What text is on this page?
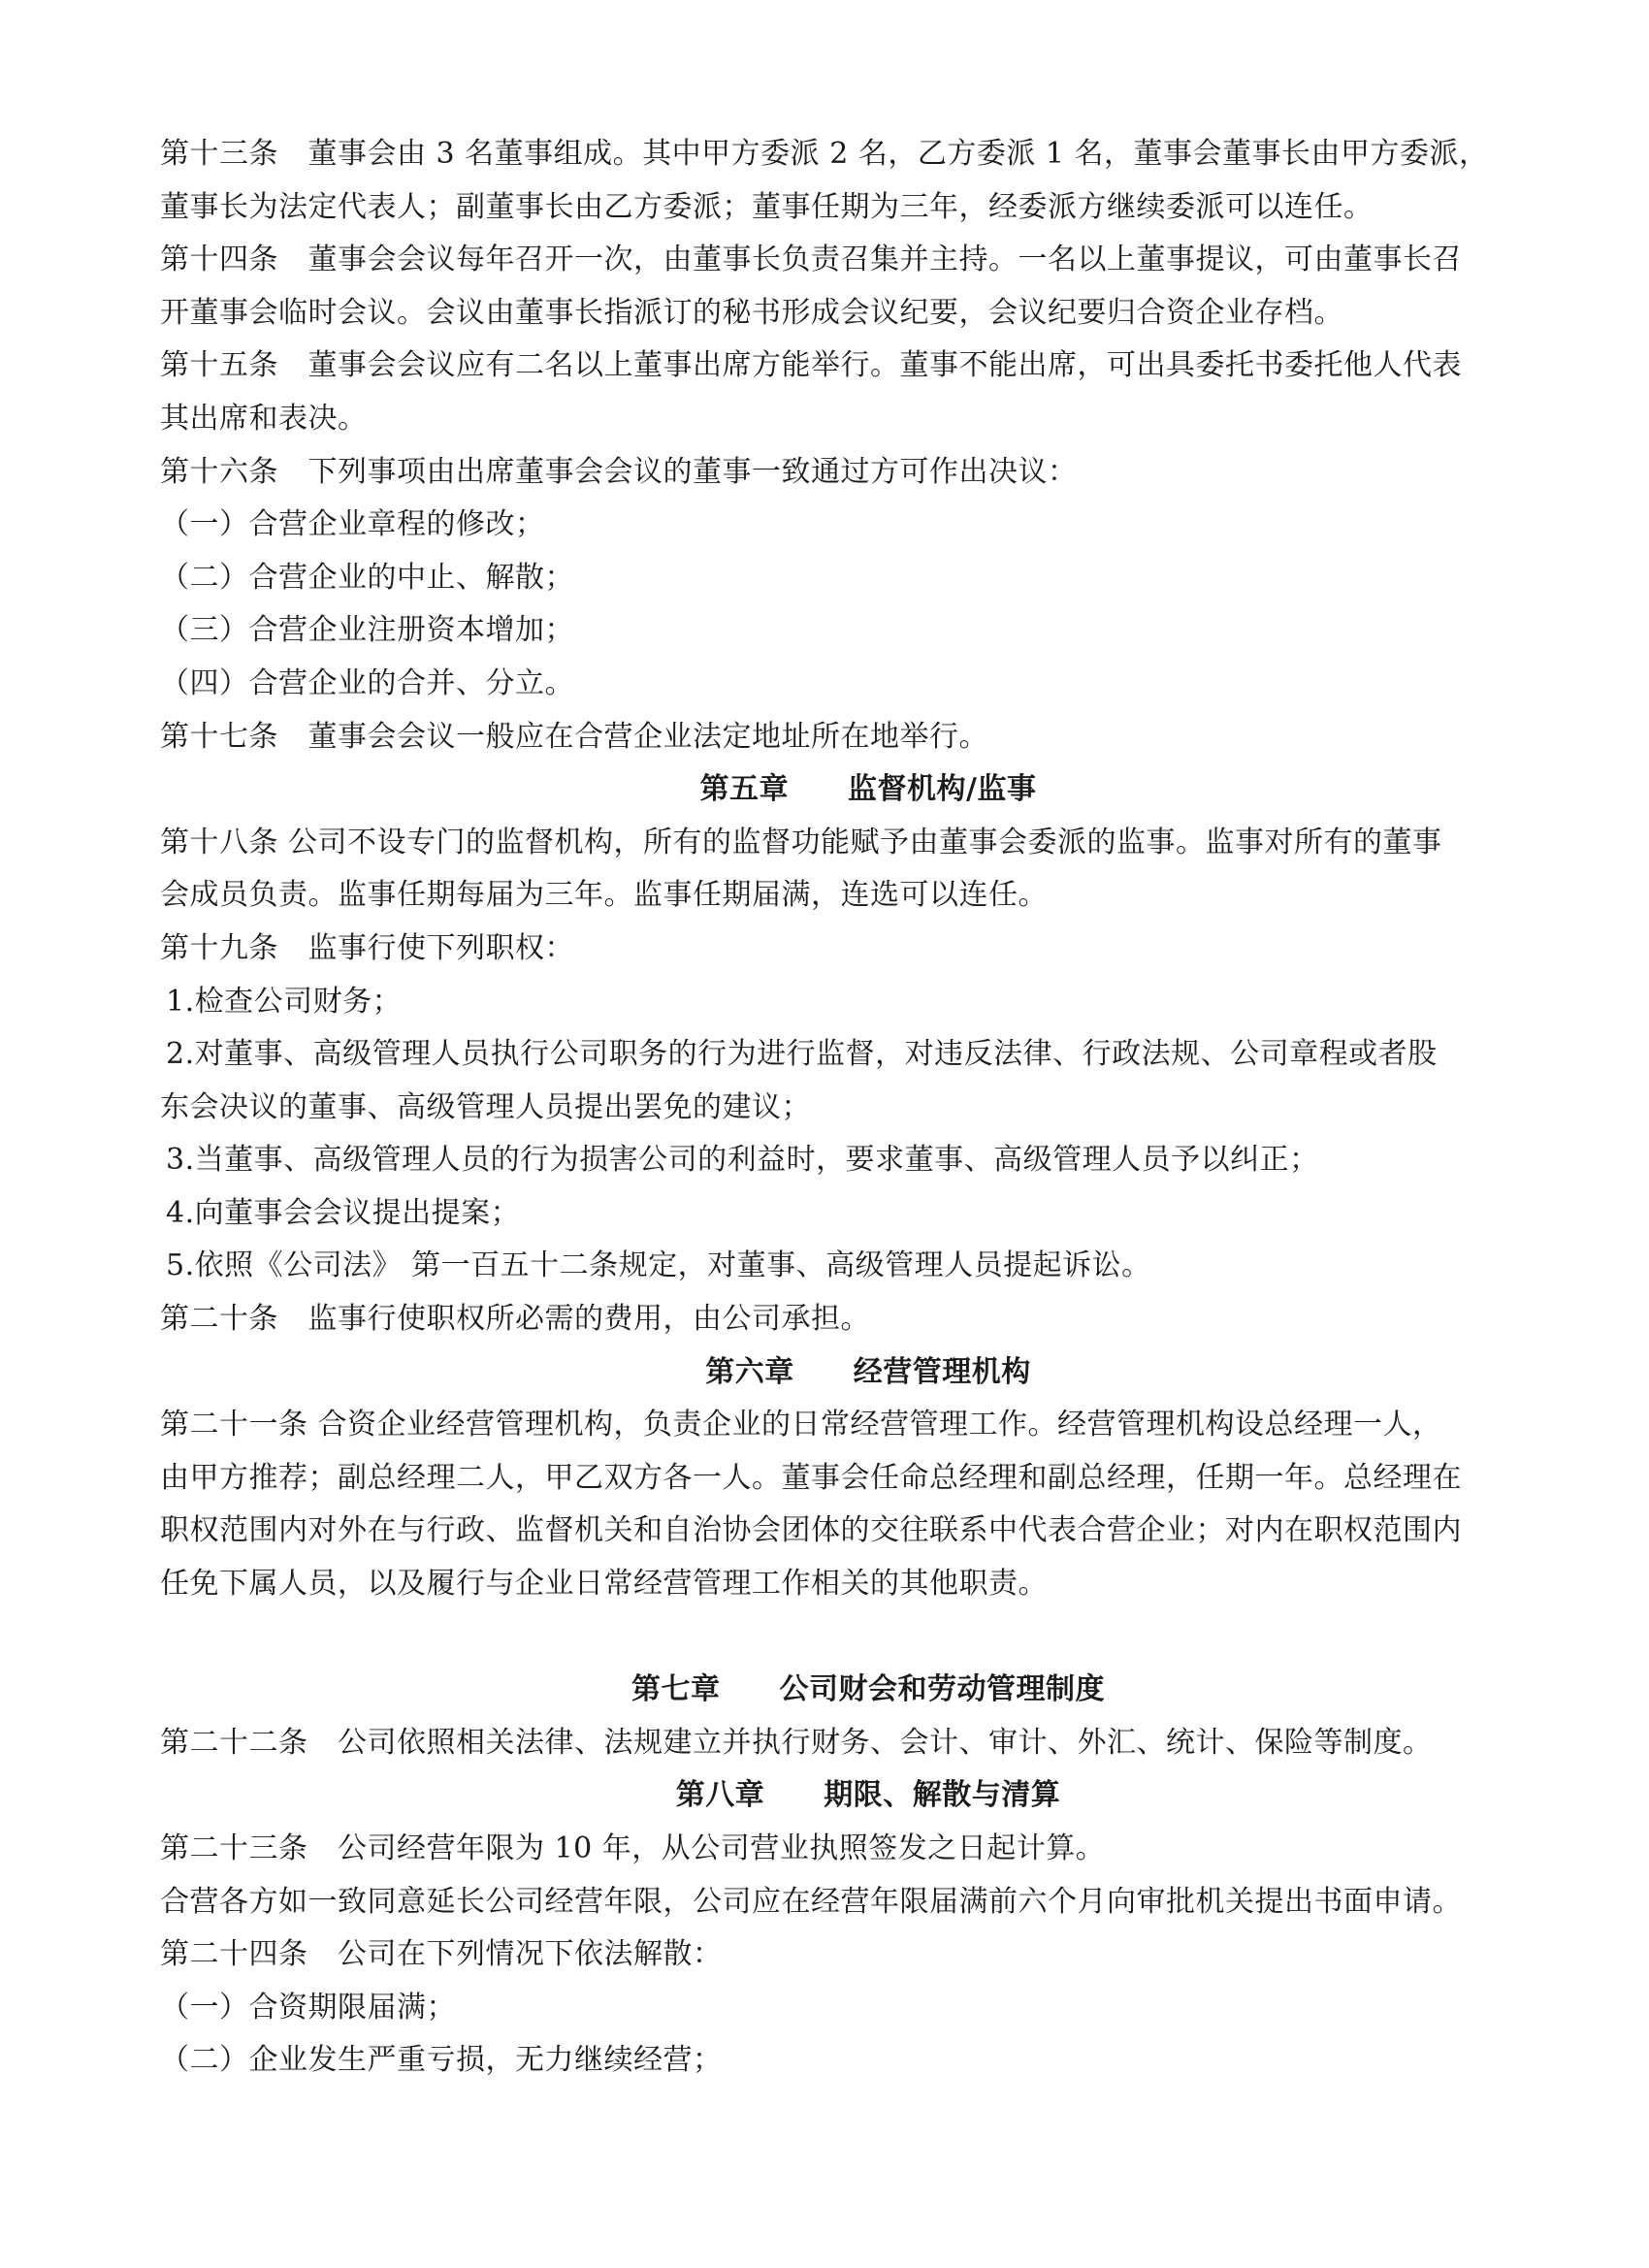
第十三条　董事会由 3 名董事组成。其中甲方委派 2 名，乙方委派 1 名，董事会董事长由甲方委派，
董事长为法定代表人；副董事长由乙方委派；董事任期为三年，经委派方继续委派可以连任。
第十四条　董事会会议每年召开一次，由董事长负责召集并主持。一名以上董事提议，可由董事长召
开董事会临时会议。会议由董事长指派订的秘书形成会议纪要，会议纪要归合资企业存档。
第十五条　董事会会议应有二名以上董事出席方能举行。董事不能出席，可出具委托书委托他人代表
其出席和表决。
第十六条　下列事项由出席董事会会议的董事一致通过方可作出决议：
（一）合营企业章程的修改；
（二）合营企业的中止、解散；
（三）合营企业注册资本增加；
（四）合营企业的合并、分立。
第十七条　董事会会议一般应在合营企业法定地址所在地举行。
第五章　　监督机构/监事
第十八条 公司不设专门的监督机构，所有的监督功能赋予由董事会委派的监事。监事对所有的董事
会成员负责。监事任期每届为三年。监事任期届满，连选可以连任。
第十九条　监事行使下列职权：
1.检查公司财务；
2.对董事、高级管理人员执行公司职务的行为进行监督，对违反法律、行政法规、公司章程或者股
东会决议的董事、高级管理人员提出罢免的建议；
3.当董事、高级管理人员的行为损害公司的利益时，要求董事、高级管理人员予以纠正；
4.向董事会会议提出提案；
5.依照《公司法》 第一百五十二条规定，对董事、高级管理人员提起诉讼。
第二十条　监事行使职权所必需的费用，由公司承担。
第六章　　经营管理机构
第二十一条 合资企业经营管理机构，负责企业的日常经营管理工作。经营管理机构设总经理一人，
由甲方推荐；副总经理二人，甲乙双方各一人。董事会任命总经理和副总经理，任期一年。总经理在
职权范围内对外在与行政、监督机关和自治协会团体的交往联系中代表合营企业；对内在职权范围内
任免下属人员，以及履行与企业日常经营管理工作相关的其他职责。
第七章　　公司财会和劳动管理制度
第二十二条　公司依照相关法律、法规建立并执行财务、会计、审计、外汇、统计、保险等制度。
第八章　　期限、解散与清算
第二十三条　公司经营年限为 10 年，从公司营业执照签发之日起计算。
合营各方如一致同意延长公司经营年限，公司应在经营年限届满前六个月向审批机关提出书面申请。
第二十四条　公司在下列情况下依法解散：
（一）合资期限届满；
（二）企业发生严重亏损，无力继续经营；
